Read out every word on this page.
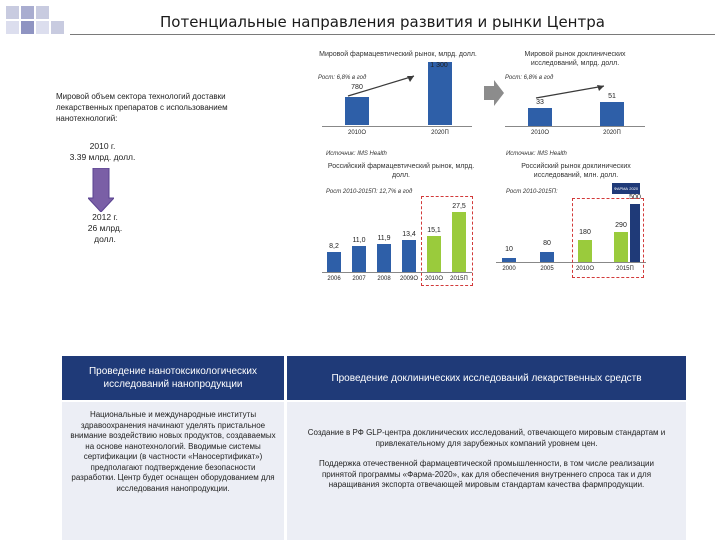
Потенциальные направления развития и рынки Центра
Мировой объем сектора технологий доставки лекарственных препаратов с использованием нанотехнологий:
2010 г.
3.39 млрд. долл.
2012 г.
26 млрд.
долл.
Мировой фармацевтический рынок, млрд. долл.
Рост: 6,8% в год
780
1 300
2010О	2020П
Мировой рынок доклинических исследований, млрд. долл.
Рост: 6,8% в год
33
51
2010О	2020П
Источник: IMS Health	Источник: IMS Health
Российский фармацевтический рынок, млрд. долл.
Рост 2010-2015П: 12,7% в год
8,2
11,0	11,9
13,4
15,1
27,5
2006	2007	2008	2009О	2010О	2015П
Российский рынок доклинических исследований, млн. долл.
Рост 2010-2015П:
ФАРМА 2020
10
80
180
290
500
2000	2005	2010О	2015П
Проведение нанотоксикологических исследований нанопродукции
Проведение доклинических исследований лекарственных средств
Национальные и международные институты здравоохранения начинают уделять пристальное внимание воздействию новых продуктов, создаваемых на основе нанотехнологий. Вводимые системы сертификации (в частности «Наносертификат») предполагают подтверждение безопасности разработки. Центр будет оснащен оборудованием для исследования нанопродукции.
Создание в РФ GLP-центра доклинических исследований, отвечающего мировым стандартам и привлекательному для зарубежных компаний уровнем цен.
Поддержка отечественной фармацевтической промышленности, в том числе реализации принятой программы «Фарма-2020», как для обеспечения внутреннего спроса так и для наращивания экспорта отвечающей мировым стандартам качества фармпродукции.
